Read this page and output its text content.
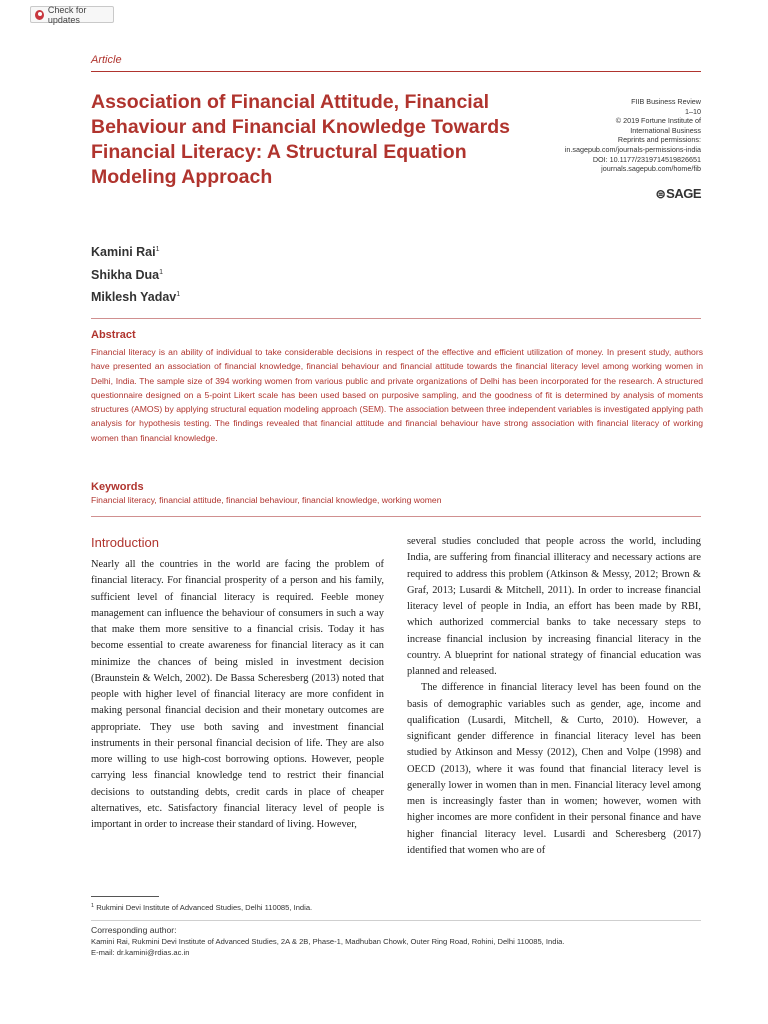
Check for updates
Article
Association of Financial Attitude, Financial Behaviour and Financial Knowledge Towards Financial Literacy: A Structural Equation Modeling Approach
FIIB Business Review
1–10
© 2019 Fortune Institute of
International Business
Reprints and permissions:
in.sagepub.com/journals-permissions-india
DOI: 10.1177/2319714519826651
journals.sagepub.com/home/fib
⊜SAGE
Kamini Rai$^1$
Shikha Dua$^1$
Miklesh Yadav$^1$
Abstract

Financial literacy is an ability of individual to take considerable decisions in respect of the effective and efficient utilization of money. In present study, authors have presented an association of financial knowledge, financial behaviour and financial attitude towards the financial literacy level among working women in Delhi, India. The sample size of 394 working women from various public and private organizations of Delhi has been incorporated for the research. A structured questionnaire designed on a 5-point Likert scale has been used based on purposive sampling, and the goodness of fit is determined by analysis of moments structures (AMOS) by applying structural equation modeling approach (SEM). The association between three independent variables is investigated applying path analysis for hypothesis testing. The findings revealed that financial attitude and financial behaviour have strong association with financial literacy of working women than financial knowledge.

Keywords
Financial literacy, financial attitude, financial behaviour, financial knowledge, working women
Introduction

Nearly all the countries in the world are facing the problem of financial literacy. For financial prosperity of a person and his family, sufficient level of financial literacy is required. Feeble money management can influence the behaviour of consumers in such a way that make them more sensitive to a financial crisis. Today it has become essential to create awareness for financial literacy as it can minimize the chances of being misled in investment decision (Braunstein & Welch, 2002). De Bassa Scheresberg (2013) noted that people with higher level of financial literacy are more confident in making personal financial decision and their monetary outcomes are appropriate. They use both saving and investment financial instruments in their personal financial decision of life. They are also more willing to use high-cost borrowing options. However, people carrying less financial knowledge tend to restrict their financial decisions to outstanding debts, credit cards in place of cheaper alternatives, etc. Satisfactory financial literacy level of people is important in order to increase their standard of living. However,

several studies concluded that people across the world, including India, are suffering from financial illiteracy and necessary actions are required to address this problem (Atkinson & Messy, 2012; Brown & Graf, 2013; Lusardi & Mitchell, 2011). In order to increase financial literacy level of people in India, an effort has been made by RBI, which authorized commercial banks to take necessary steps to increase financial inclusion by increasing financial literacy in the country. A blueprint for national strategy of financial education was planned and released.
The difference in financial literacy level has been found on the basis of demographic variables such as gender, age, income and qualification (Lusardi, Mitchell, & Curto, 2010). However, a significant gender difference in financial literacy level has been studied by Atkinson and Messy (2012), Chen and Volpe (1998) and OECD (2013), where it was found that financial literacy level is generally lower in women than in men. Financial literacy level among men is increasingly faster than in women; however, women with higher incomes are more confident in their personal finance and have higher financial literacy level. Lusardi and Scheresberg (2017) identified that women who are of
$^1$ Rukmini Devi Institute of Advanced Studies, Delhi 110085, India.
Corresponding author:
Kamini Rai, Rukmini Devi Institute of Advanced Studies, 2A & 2B, Phase-1, Madhuban Chowk, Outer Ring Road, Rohini, Delhi 110085, India.
E-mail: dr.kamini@rdias.ac.in
